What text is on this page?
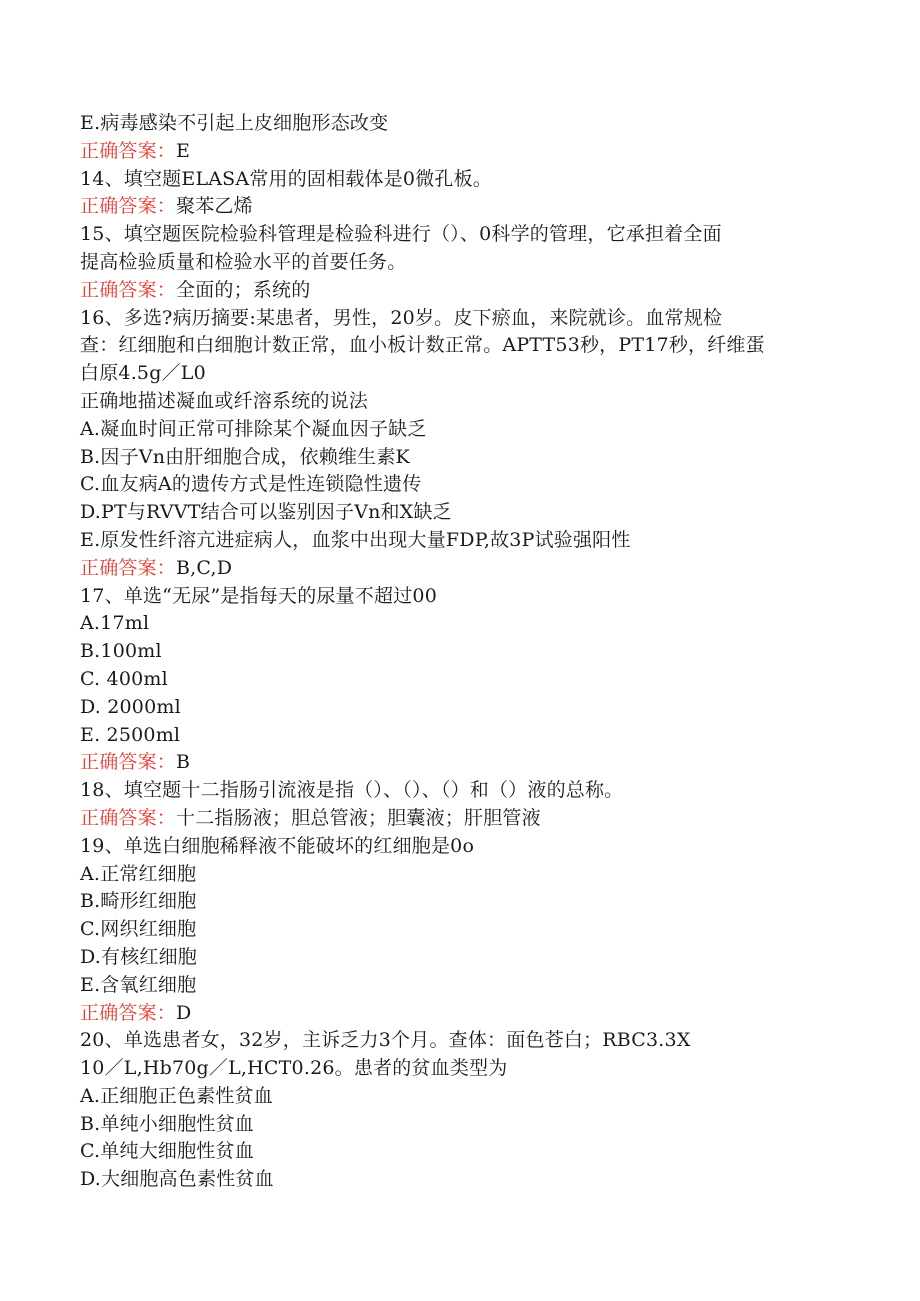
E.病毒感染不引起上皮细胞形态改变
正确答案：E
14、填空题ELASA常用的固相载体是0微孔板。
正确答案：聚苯乙烯
15、填空题医院检验科管理是检验科进行（）、0科学的管理，它承担着全面
提高检验质量和检验水平的首要任务。
正确答案：全面的；系统的
16、多选?病历摘要:某患者，男性，20岁。皮下瘀血，来院就诊。血常规检
查：红细胞和白细胞计数正常，血小板计数正常。APTT53秒，PT17秒，纤维蛋
白原4.5g／L0
正确地描述凝血或纤溶系统的说法
A.凝血时间正常可排除某个凝血因子缺乏
B.因子Vn由肝细胞合成，依赖维生素K
C.血友病A的遗传方式是性连锁隐性遗传
D.PT与RVVT结合可以鉴别因子Vn和X缺乏
E.原发性纤溶亢进症病人，血浆中出现大量FDP,故3P试验强阳性
正确答案：B,C,D
17、单选“无尿”是指每天的尿量不超过00
A.17ml
B.100ml
C. 400ml
D. 2000ml
E. 2500ml
正确答案：B
18、填空题十二指肠引流液是指（）、（）、（）和（）液的总称。
正确答案：十二指肠液；胆总管液；胆囊液；肝胆管液
19、单选白细胞稀释液不能破坏的红细胞是0o
A.正常红细胞
B.畸形红细胞
C.网织红细胞
D.有核红细胞
E.含氧红细胞
正确答案：D
20、单选患者女，32岁，主诉乏力3个月。查体：面色苍白；RBC3.3X
10／L,Hb70g／L,HCT0.26。患者的贫血类型为
A.正细胞正色素性贫血
B.单纯小细胞性贫血
C.单纯大细胞性贫血
D.大细胞高色素性贫血
